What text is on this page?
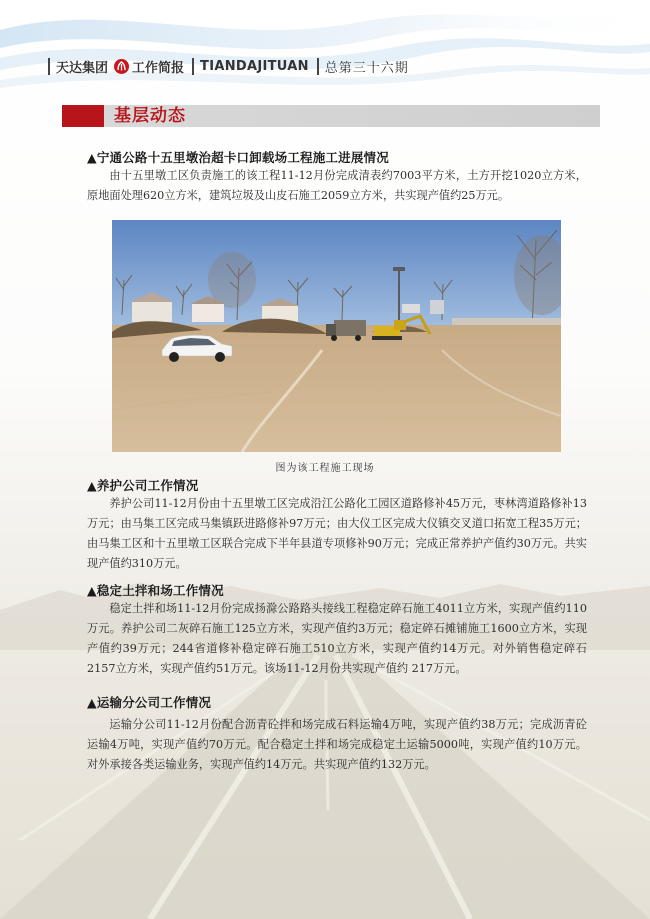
天达集团 工作简报 TIANDAJITUAN 总第三十六期
基层动态
▲宁通公路十五里墩治超卡口卸载场工程施工进展情况

由十五里墩工区负责施工的该工程11-12月份完成清表约7003平方米，土方开挖1020立方米，原地面处理620立方米，建筑垃圾及山皮石施工2059立方米，共实现产值约25万元。

图为该工程施工现场
▲养护公司工作情况

养护公司11-12月份由十五里墩工区完成沿江公路化工园区道路修补45万元，枣林湾道路修补13万元；由马集工区完成马集镇跃进路修补97万元；由大仪工区完成大仪镇交叉道口拓宽工程35万元；由马集工区和十五里墩工区联合完成下半年县道专项修补90万元；完成正常养护产值约30万元。共实现产值约310万元。

▲稳定土拌和场工作情况

稳定土拌和场11-12月份完成扬滁公路路头接线工程稳定碎石施工4011立方米，实现产值约110万元。养护公司二灰碎石施工125立方米，实现产值约3万元；稳定碎石摊铺施工1600立方米，实现产值约39万元；244省道修补稳定碎石施工510立方米，实现产值约14万元。对外销售稳定碎石2157立方米，实现产值约51万元。该场11-12月份共实现产值约 217万元。

▲运输分公司工作情况

运输分公司11-12月份配合沥青砼拌和场完成石料运输4万吨，实现产值约38万元；完成沥青砼运输4万吨，实现产值约70万元。配合稳定土拌和场完成稳定土运输5000吨，实现产值约10万元。对外承接各类运输业务，实现产值约14万元。共实现产值约132万元。
